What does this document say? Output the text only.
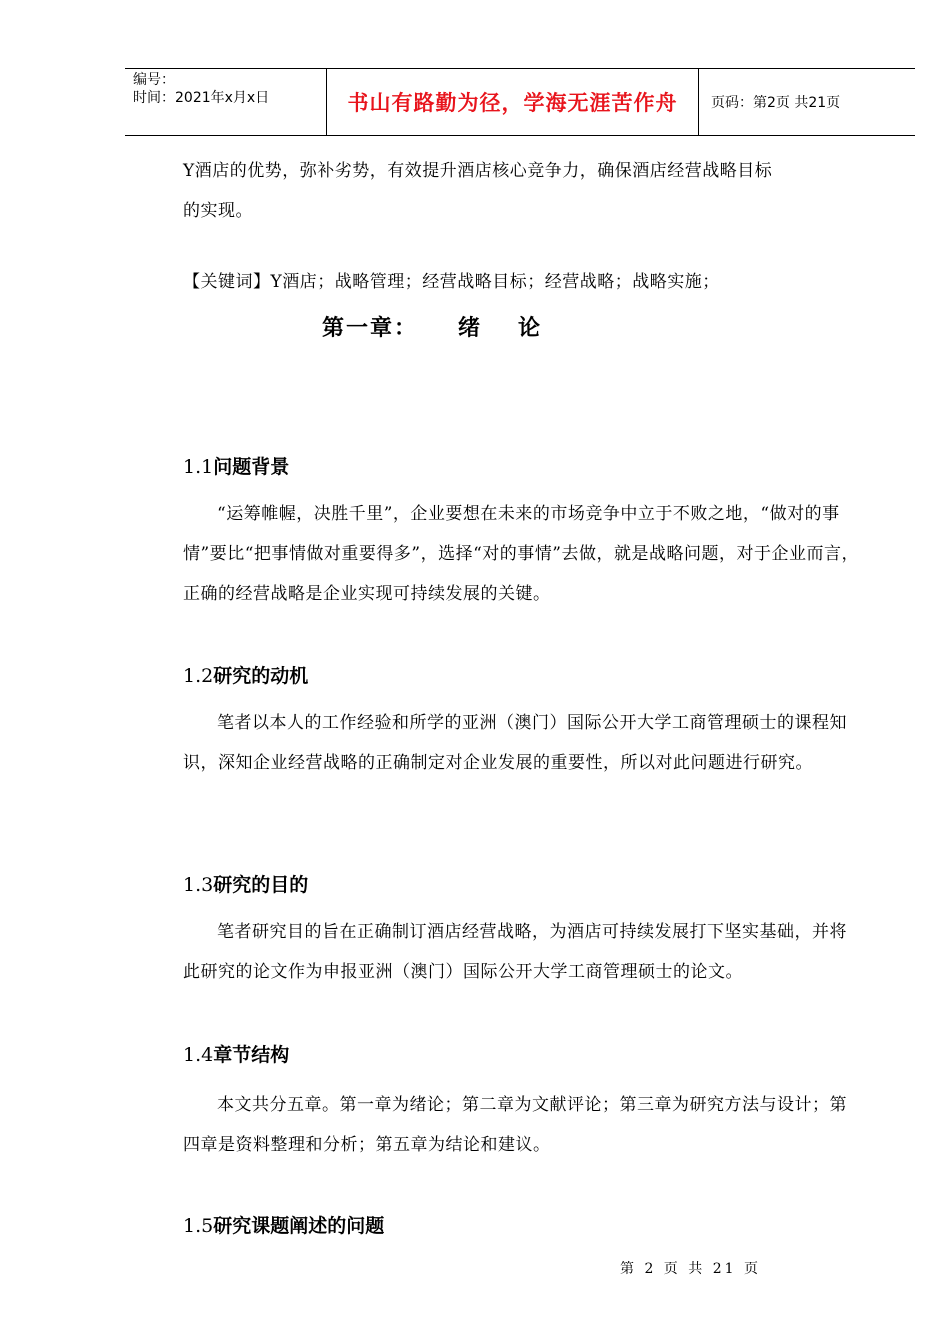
编号：
时间：2021年x月x日	书山有路勤为径，学海无涯苦作舟 页码：第2页 共21页
Y酒店的优势，弥补劣势，有效提升酒店核心竞争力，确保酒店经营战略目标
的实现。
【关键词】Y酒店；战略管理；经营战略目标；经营战略；战略实施；
第一章： 绪 论
1.1问题背景
“运筹帷幄，决胜千里”，企业要想在未来的市场竞争中立于不败之地，“做对的事情”要比“把事情做对重要得多”，选择“对的事情”去做，就是战略问题，对于企业而言，正确的经营战略是企业实现可持续发展的关键。
1.2研究的动机
笔者以本人的工作经验和所学的亚洲（澳门）国际公开大学工商管理硕士的课程知识，深知企业经营战略的正确制定对企业发展的重要性，所以对此问题进行研究。
1.3研究的目的
笔者研究目的旨在正确制订酒店经营战略，为酒店可持续发展打下坚实基础，并将此研究的论文作为申报亚洲（澳门）国际公开大学工商管理硕士的论文。
1.4章节结构
本文共分五章。第一章为绪论；第二章为文献评论；第三章为研究方法与设计；第四章是资料整理和分析；第五章为结论和建议。
1.5研究课题阐述的问题
第 2 页 共 21 页
